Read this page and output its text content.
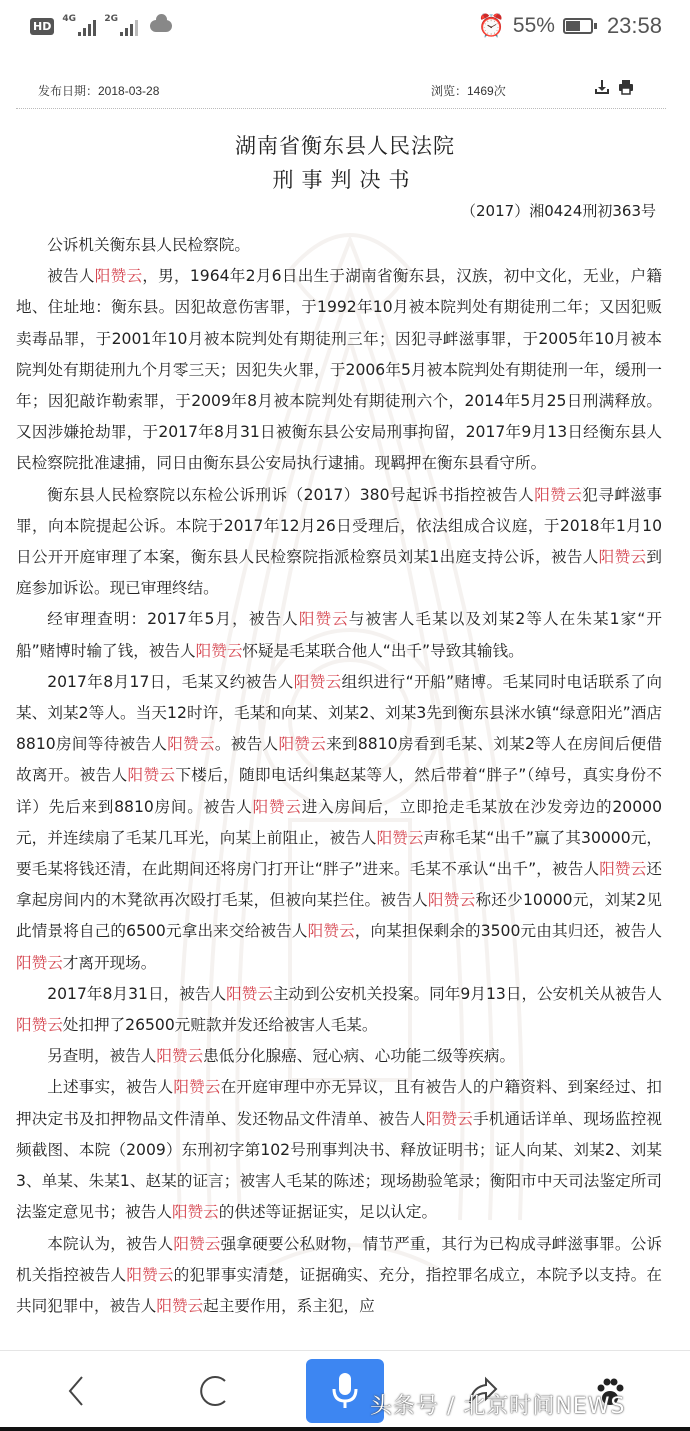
HD
4G	2G	⏰ 55% 23:58
发布日期：2018-03-28	浏览：1469次
湖南省衡东县人民法院
刑事判决书
（2017）湘0424刑初363号

公诉机关衡东县人民检察院。

被告人阳赞云，男，1964年2月6日出生于湖南省衡东县，汉族，初中文化，无业，户籍地、住址地：衡东县。因犯故意伤害罪，于1992年10月被本院判处有期徒刑二年；又因犯贩卖毒品罪，于2001年10月被本院判处有期徒刑三年；因犯寻衅滋事罪，于2005年10月被本院判处有期徒刑九个月零三天；因犯失火罪，于2006年5月被本院判处有期徒刑一年，缓刑一年；因犯敲诈勒索罪，于2009年8月被本院判处有期徒刑六个，2014年5月25日刑满释放。又因涉嫌抢劫罪，于2017年8月31日被衡东县公安局刑事拘留，2017年9月13日经衡东县人民检察院批准逮捕，同日由衡东县公安局执行逮捕。现羁押在衡东县看守所。

衡东县人民检察院以东检公诉刑诉（2017）380号起诉书指控被告人阳赞云犯寻衅滋事罪，向本院提起公诉。本院于2017年12月26日受理后，依法组成合议庭，于2018年1月10日公开开庭审理了本案，衡东县人民检察院指派检察员刘某1出庭支持公诉，被告人阳赞云到庭参加诉讼。现已审理终结。

经审理查明：2017年5月，被告人阳赞云与被害人毛某以及刘某2等人在朱某1家“开船”赌博时输了钱，被告人阳赞云怀疑是毛某联合他人“出千”导致其输钱。

2017年8月17日，毛某又约被告人阳赞云组织进行“开船”赌博。毛某同时电话联系了向某、刘某2等人。当天12时许，毛某和向某、刘某2、刘某3先到衡东县洣水镇“绿意阳光”酒店8810房间等待被告人阳赞云。被告人阳赞云来到8810房看到毛某、刘某2等人在房间后便借故离开。被告人阳赞云下楼后，随即电话纠集赵某等人，然后带着“胖子”（绰号，真实身份不详）先后来到8810房间。被告人阳赞云进入房间后，立即抢走毛某放在沙发旁边的20000元，并连续扇了毛某几耳光，向某上前阻止，被告人阳赞云声称毛某“出千”赢了其30000元，要毛某将钱还清，在此期间还将房门打开让“胖子”进来。毛某不承认“出千”，被告人阳赞云还拿起房间内的木凳欲再次殴打毛某，但被向某拦住。被告人阳赞云称还少10000元，刘某2见此情景将自己的6500元拿出来交给被告人阳赞云，向某担保剩余的3500元由其归还，被告人阳赞云才离开现场。

2017年8月31日，被告人阳赞云主动到公安机关投案。同年9月13日，公安机关从被告人阳赞云处扣押了26500元赃款并发还给被害人毛某。

另查明，被告人阳赞云患低分化腺癌、冠心病、心功能二级等疾病。

上述事实，被告人阳赞云在开庭审理中亦无异议，且有被告人的户籍资料、到案经过、扣押决定书及扣押物品文件清单、发还物品文件清单、被告人阳赞云手机通话详单、现场监控视频截图、本院（2009）东刑初字第102号刑事判决书、释放证明书；证人向某、刘某2、刘某3、单某、朱某1、赵某的证言；被害人毛某的陈述；现场勘验笔录；衡阳市中天司法鉴定所司法鉴定意见书；被告人阳赞云的供述等证据证实，足以认定。

本院认为，被告人阳赞云强拿硬要公私财物，情节严重，其行为已构成寻衅滋事罪。公诉机关指控被告人阳赞云的犯罪事实清楚，证据确实、充分，指控罪名成立，本院予以支持。在共同犯罪中，被告人阳赞云起主要作用，系主犯，应

头条号 / 北京时间NEWS
